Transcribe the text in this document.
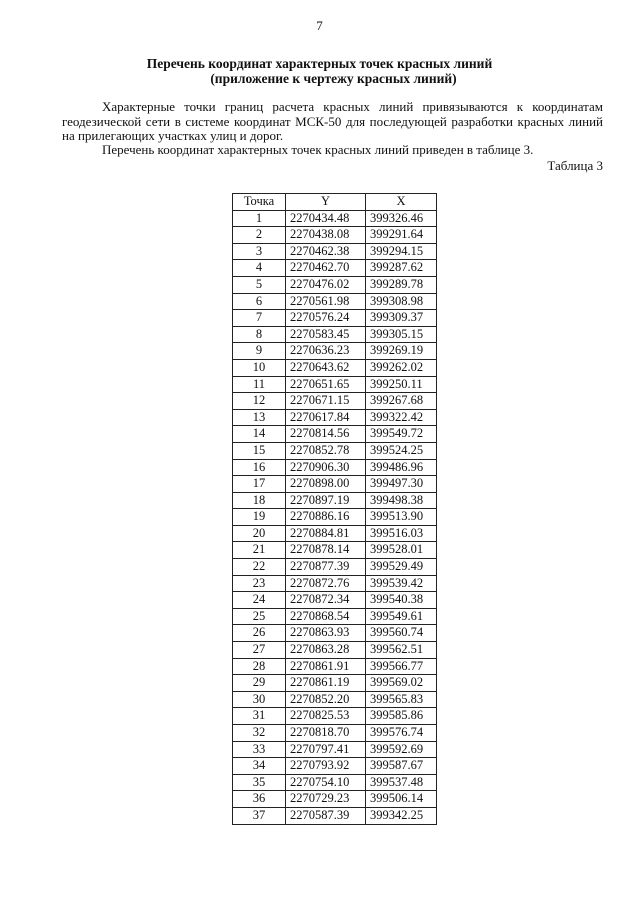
7
Перечень координат характерных точек красных линий
(приложение к чертежу красных линий)
Характерные точки границ расчета красных линий привязываются к координатам геодезической сети в системе координат МСК-50 для последующей разработки красных линий на прилегающих участках улиц и дорог.
Перечень координат характерных точек красных линий приведен в таблице 3.
Таблица 3
Точка	Y	X
1	2270434.48	399326.46
2	2270438.08	399291.64
3	2270462.38	399294.15
4	2270462.70	399287.62
5	2270476.02	399289.78
6	2270561.98	399308.98
7	2270576.24	399309.37
8	2270583.45	399305.15
9	2270636.23	399269.19
10	2270643.62	399262.02
11	2270651.65	399250.11
12	2270671.15	399267.68
13	2270617.84	399322.42
14	2270814.56	399549.72
15	2270852.78	399524.25
16	2270906.30	399486.96
17	2270898.00	399497.30
18	2270897.19	399498.38
19	2270886.16	399513.90
20	2270884.81	399516.03
21	2270878.14	399528.01
22	2270877.39	399529.49
23	2270872.76	399539.42
24	2270872.34	399540.38
25	2270868.54	399549.61
26	2270863.93	399560.74
27	2270863.28	399562.51
28	2270861.91	399566.77
29	2270861.19	399569.02
30	2270852.20	399565.83
31	2270825.53	399585.86
32	2270818.70	399576.74
33	2270797.41	399592.69
34	2270793.92	399587.67
35	2270754.10	399537.48
36	2270729.23	399506.14
37	2270587.39	399342.25
